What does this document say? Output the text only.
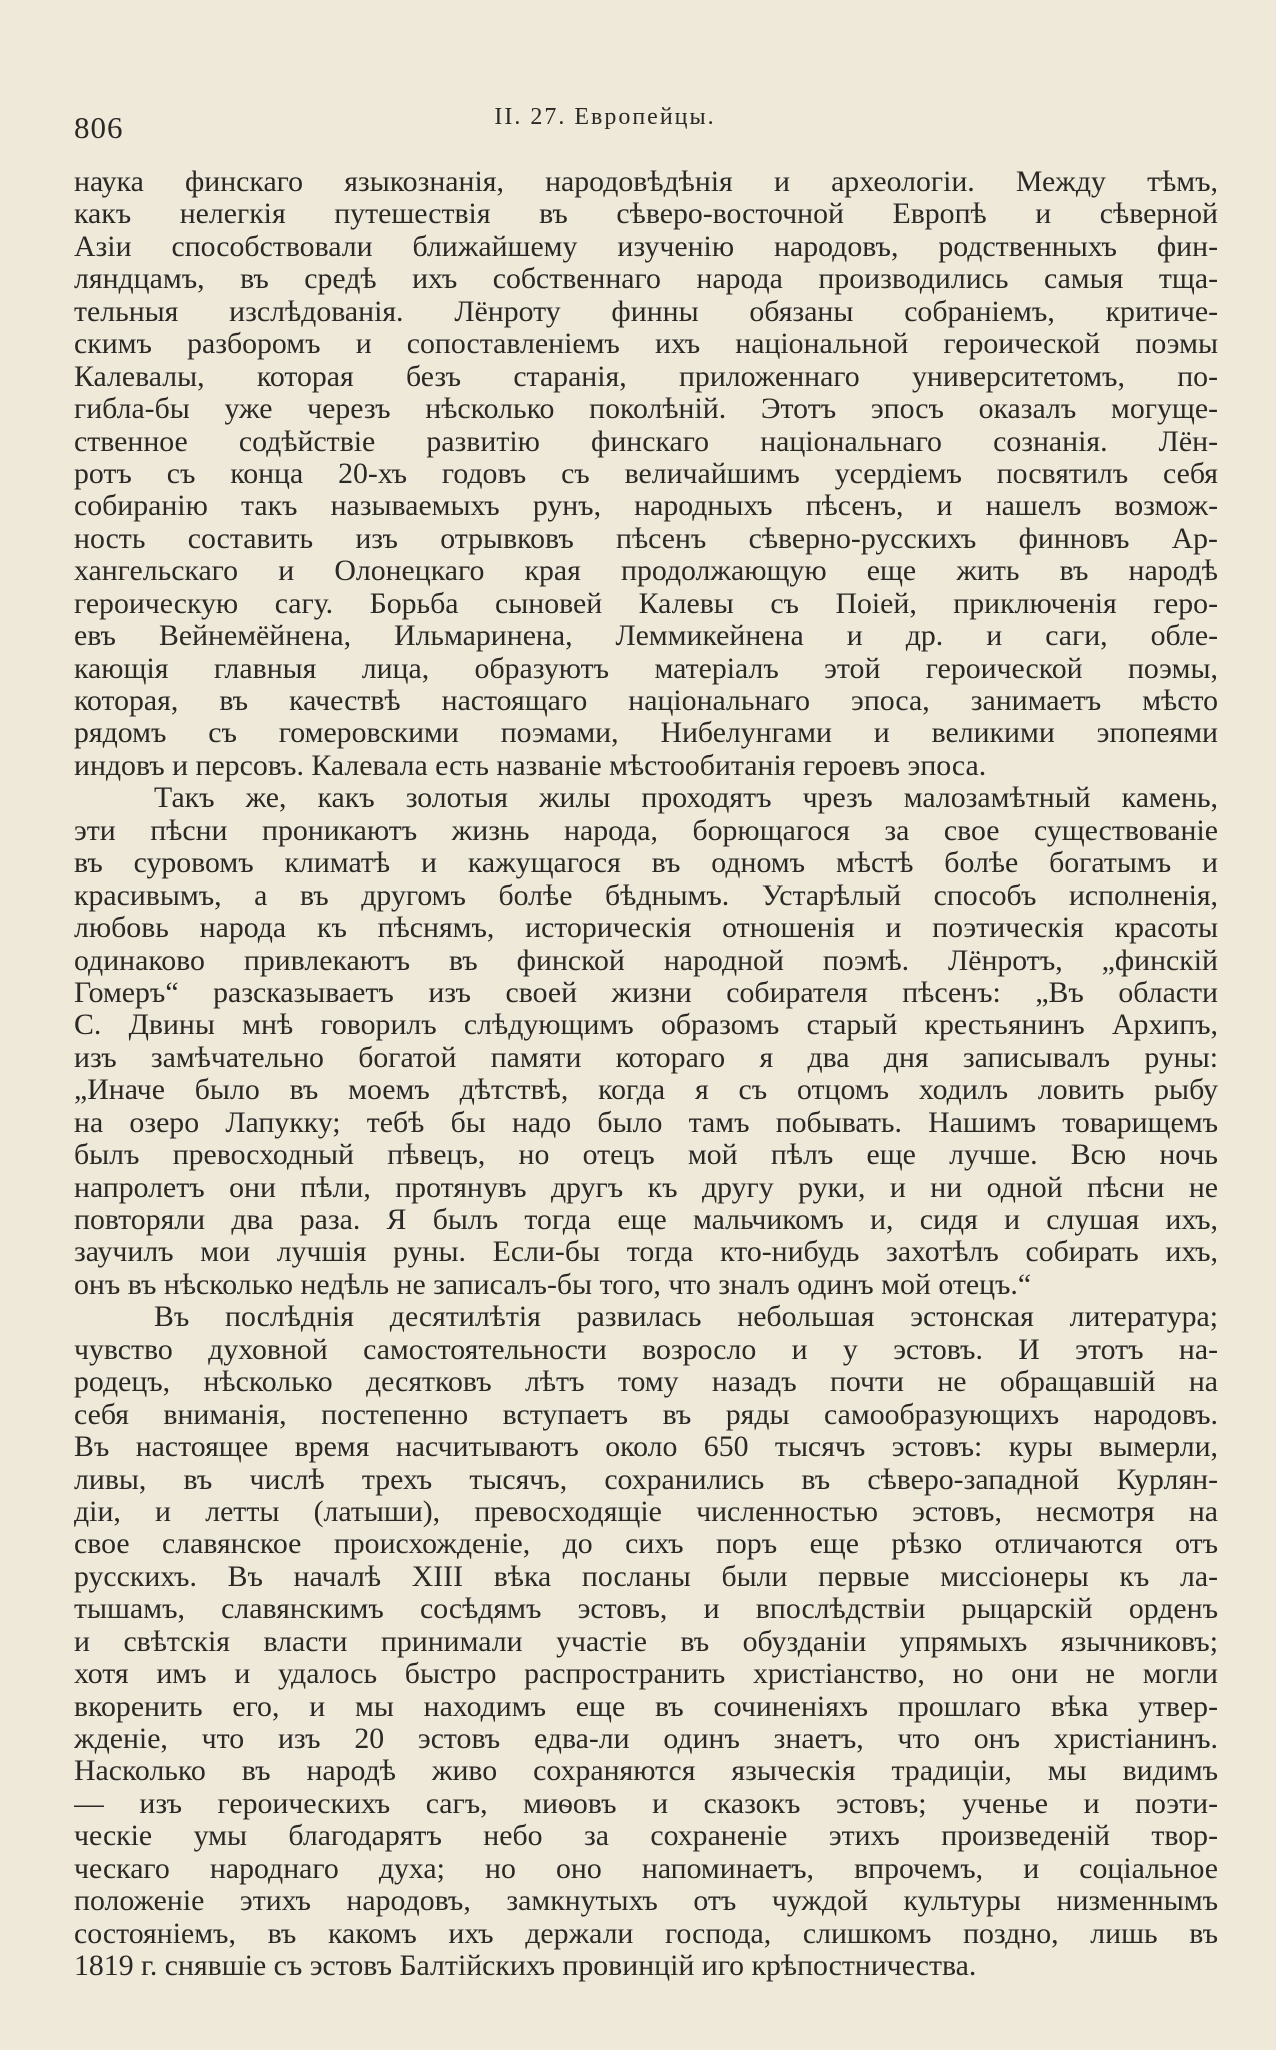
806	II. 27. Европейцы.
наука финскаго языкознанія, народовѣдѣнія и археологіи. Между тѣмъ,
какъ нелегкія путешествія въ сѣверо-восточной Европѣ и сѣверной
Азіи способствовали ближайшему изученію народовъ, родственныхъ фин-
ляндцамъ, въ средѣ ихъ собственнаго народа производились самыя тща-
тельныя изслѣдованія. Лёнроту финны обязаны собраніемъ, критиче-
скимъ разборомъ и сопоставленіемъ ихъ національной героической поэмы
Калевалы, которая безъ старанія, приложеннаго университетомъ, по-
гибла-бы уже черезъ нѣсколько поколѣній. Этотъ эпосъ оказалъ могуще-
ственное содѣйствіе развитію финскаго національнаго сознанія. Лён-
ротъ съ конца 20-хъ годовъ съ величайшимъ усердіемъ посвятилъ себя
собиранію такъ называемыхъ рунъ, народныхъ пѣсенъ, и нашелъ возмож-
ность составить изъ отрывковъ пѣсенъ сѣверно-русскихъ финновъ Ар-
хангельскаго и Олонецкаго края продолжающую еще жить въ народѣ
героическую сагу. Борьба сыновей Калевы съ Поіей, приключенія геро-
евъ Вейнемёйнена, Ильмаринена, Леммикейнена и др. и саги, обле-
кающія главныя лица, образуютъ матеріалъ этой героической поэмы,
которая, въ качествѣ настоящаго національнаго эпоса, занимаетъ мѣсто
рядомъ съ гомеровскими поэмами, Нибелунгами и великими эпопеями
индовъ и персовъ. Калевала есть названіе мѣстообитанія героевъ эпоса.
Такъ же, какъ золотыя жилы проходятъ чрезъ малозамѣтный камень,
эти пѣсни проникаютъ жизнь народа, борющагося за свое существованіе
въ суровомъ климатѣ и кажущагося въ одномъ мѣстѣ болѣе богатымъ и
красивымъ, а въ другомъ болѣе бѣднымъ. Устарѣлый способъ исполненія,
любовь народа къ пѣснямъ, историческія отношенія и поэтическія красоты
одинаково привлекаютъ въ финской народной поэмѣ. Лёнротъ, „финскій
Гомеръ“ разсказываетъ изъ своей жизни собирателя пѣсенъ: „Въ области
С. Двины мнѣ говорилъ слѣдующимъ образомъ старый крестьянинъ Архипъ,
изъ замѣчательно богатой памяти котораго я два дня записывалъ руны:
„Иначе было въ моемъ дѣтствѣ, когда я съ отцомъ ходилъ ловить рыбу
на озеро Лапукку; тебѣ бы надо было тамъ побывать. Нашимъ товарищемъ
былъ превосходный пѣвецъ, но отецъ мой пѣлъ еще лучше. Всю ночь
напролетъ они пѣли, протянувъ другъ къ другу руки, и ни одной пѣсни не
повторяли два раза. Я былъ тогда еще мальчикомъ и, сидя и слушая ихъ,
заучилъ мои лучшія руны. Если-бы тогда кто-нибудь захотѣлъ собирать ихъ,
онъ въ нѣсколько недѣль не записалъ-бы того, что зналъ одинъ мой отецъ.“
Въ послѣднія десятилѣтія развилась небольшая эстонская литература;
чувство духовной самостоятельности возросло и у эстовъ. И этотъ на-
родецъ, нѣсколько десятковъ лѣтъ тому назадъ почти не обращавшій на
себя вниманія, постепенно вступаетъ въ ряды самообразующихъ народовъ.
Въ настоящее время насчитываютъ около 650 тысячъ эстовъ: куры вымерли,
ливы, въ числѣ трехъ тысячъ, сохранились въ сѣверо-западной Курлян-
діи, и летты (латыши), превосходящіе численностью эстовъ, несмотря на
свое славянское происхожденіе, до сихъ поръ еще рѣзко отличаются отъ
русскихъ. Въ началѣ XIII вѣка посланы были первые миссіонеры къ ла-
тышамъ, славянскимъ сосѣдямъ эстовъ, и впослѣдствіи рыцарскій орденъ
и свѣтскія власти принимали участіе въ обузданіи упрямыхъ язычниковъ;
хотя имъ и удалось быстро распространить христіанство, но они не могли
вкоренить его, и мы находимъ еще въ сочиненіяхъ прошлаго вѣка утвер-
жденіе, что изъ 20 эстовъ едва-ли одинъ знаетъ, что онъ христіанинъ.
Насколько въ народѣ живо сохраняются языческія традиціи, мы видимъ
— изъ героическихъ сагъ, миѳовъ и сказокъ эстовъ; ученье и поэти-
ческіе умы благодарятъ небо за сохраненіе этихъ произведеній твор-
ческаго народнаго духа; но оно напоминаетъ, впрочемъ, и соціальное
положеніе этихъ народовъ, замкнутыхъ отъ чуждой культуры низменнымъ
состояніемъ, въ какомъ ихъ держали господа, слишкомъ поздно, лишь въ
1819 г. снявшіе съ эстовъ Балтійскихъ провинцій иго крѣпостничества.
